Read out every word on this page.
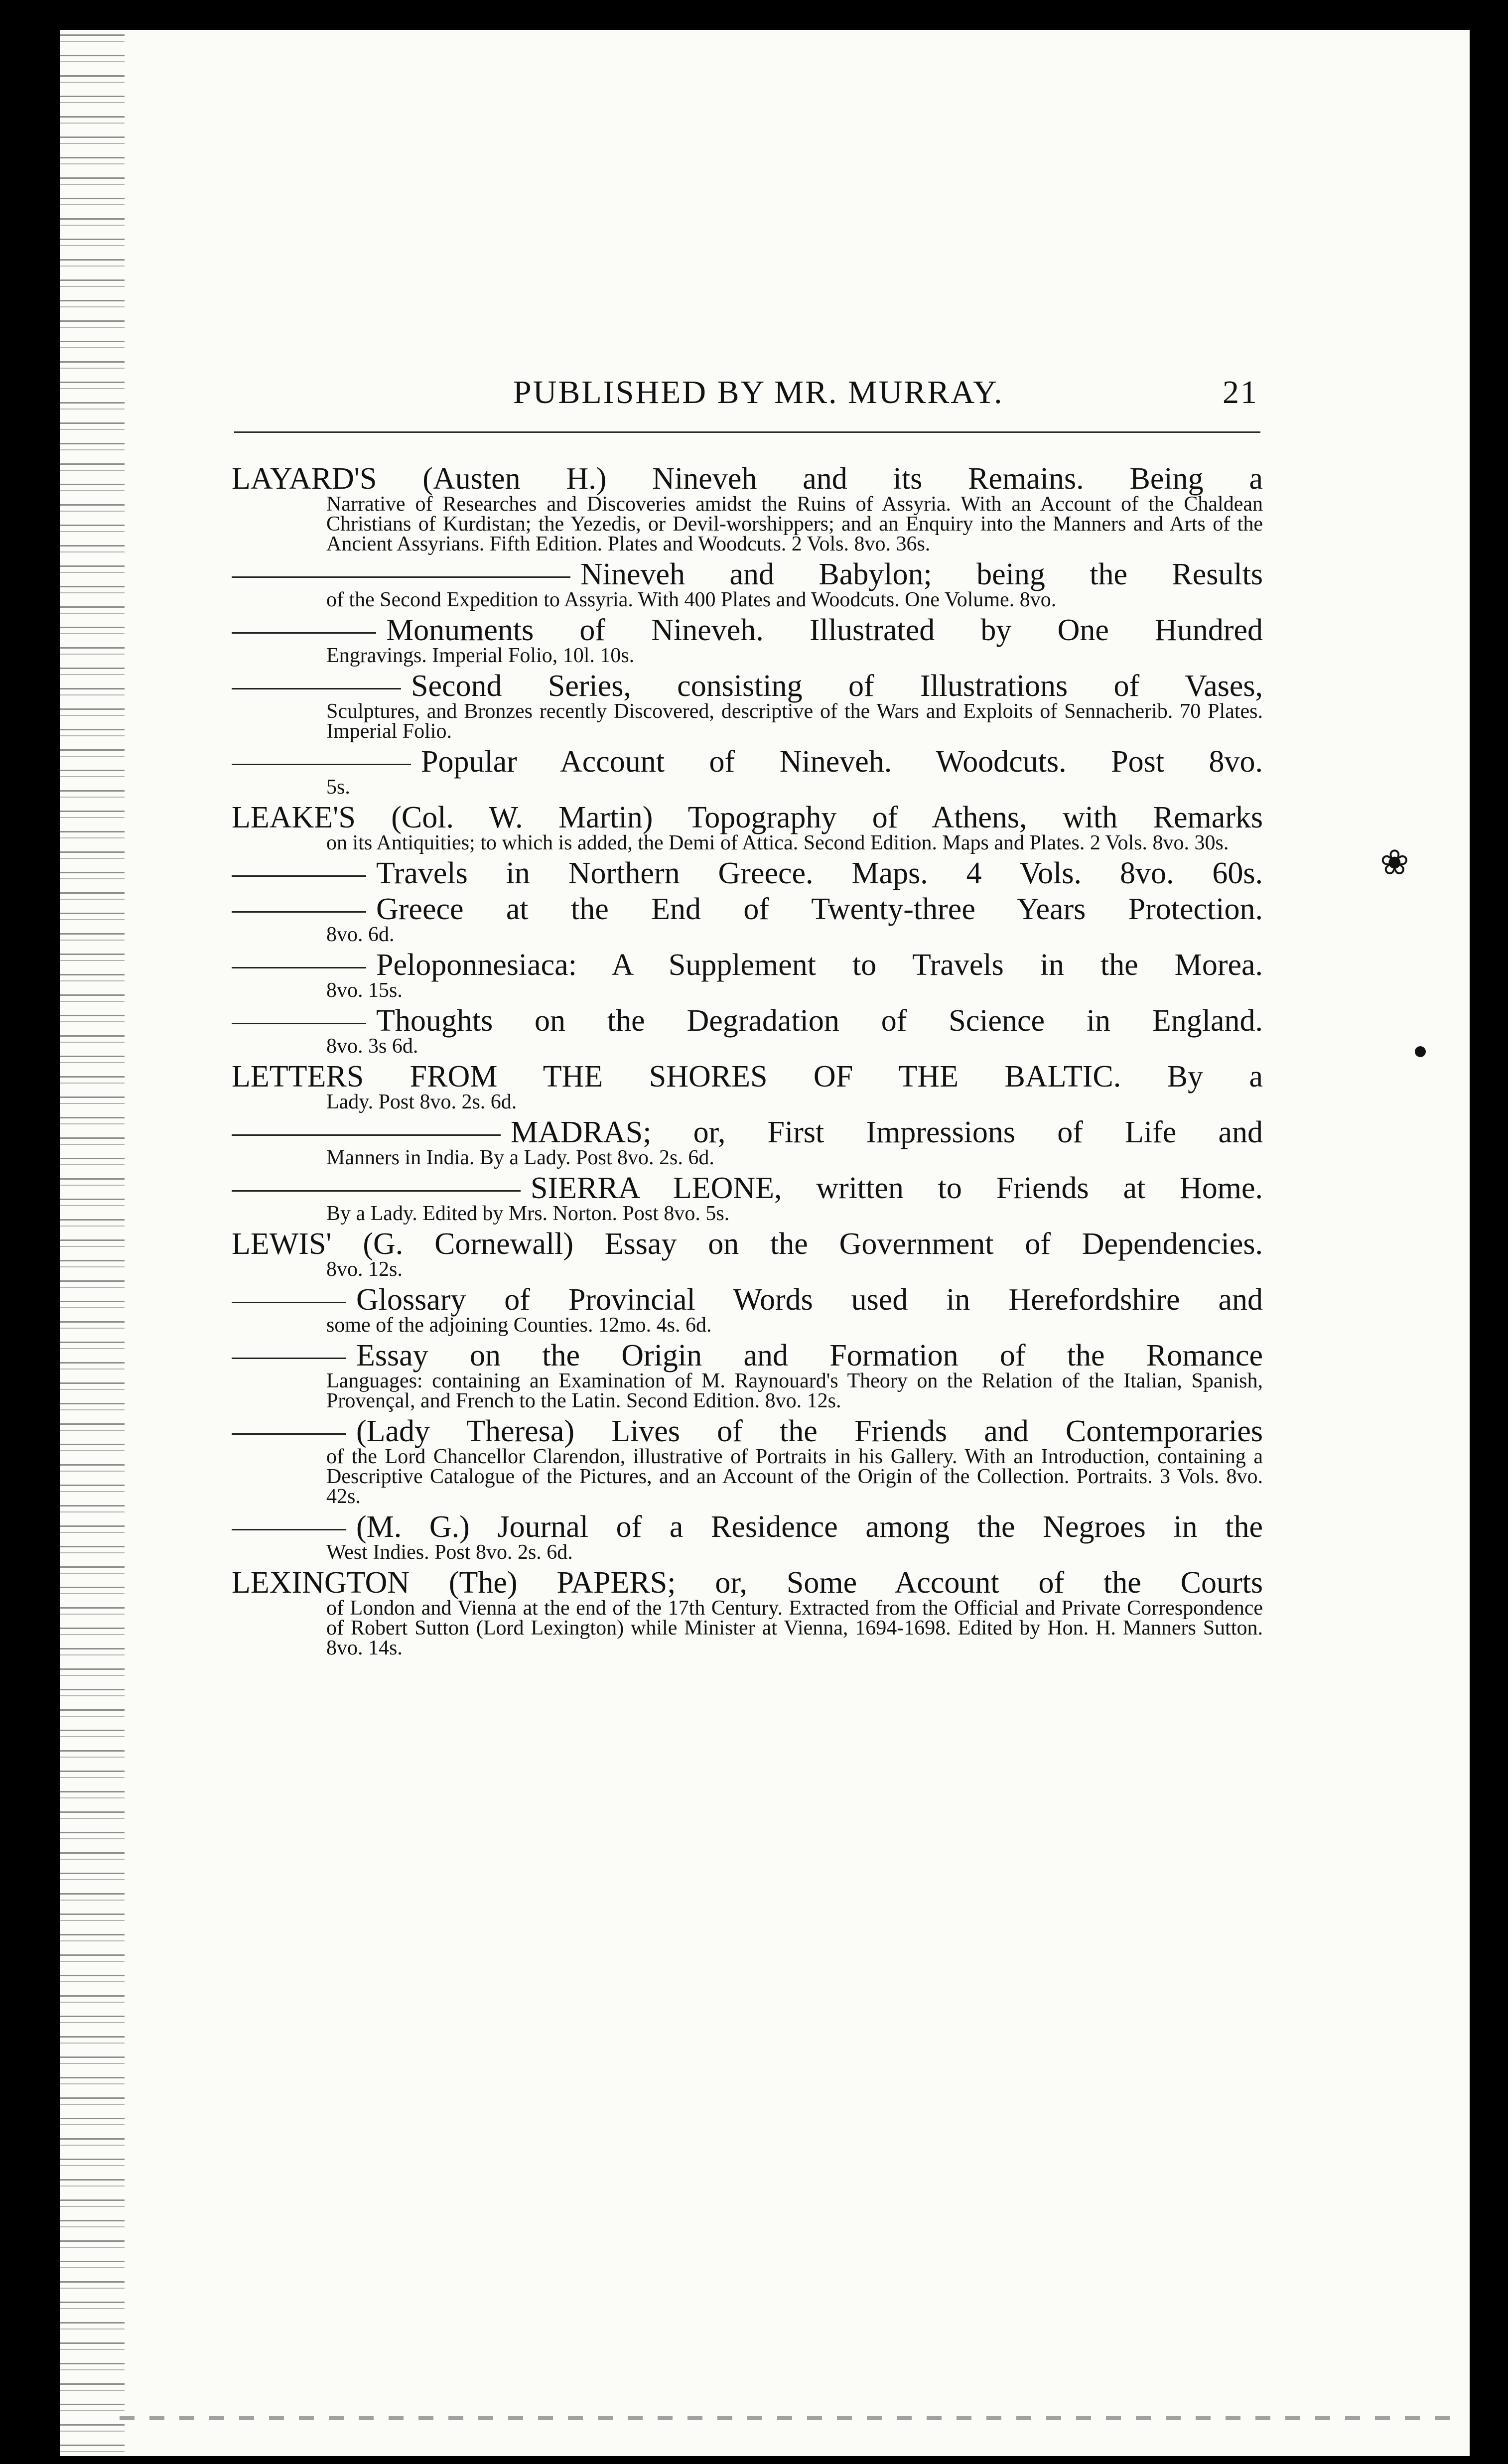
PUBLISHED BY MR. MURRAY.	21
LAYARD'S (Austen H.) Nineveh and its Remains. Being a
Narrative of Researches and Discoveries amidst the Ruins of Assyria. With an Account of the Chaldean Christians of Kurdistan; the Yezedis, or Devil-worshippers; and an Enquiry into the Manners and Arts of the Ancient Assyrians. Fifth Edition. Plates and Woodcuts. 2 Vols. 8vo. 36s.
Nineveh and Babylon; being the Results
of the Second Expedition to Assyria. With 400 Plates and Woodcuts. One Volume. 8vo.
Monuments of Nineveh. Illustrated by One Hundred
Engravings. Imperial Folio, 10l. 10s.
Second Series, consisting of Illustrations of Vases,
Sculptures, and Bronzes recently Discovered, descriptive of the Wars and Exploits of Sennacherib. 70 Plates. Imperial Folio.
Popular Account of Nineveh. Woodcuts. Post 8vo.
5s.
LEAKE'S (Col. W. Martin) Topography of Athens, with Remarks
on its Antiquities; to which is added, the Demi of Attica. Second Edition. Maps and Plates. 2 Vols. 8vo. 30s.
Travels in Northern Greece. Maps. 4 Vols. 8vo. 60s.
Greece at the End of Twenty-three Years Protection.
8vo. 6d.
Peloponnesiaca: A Supplement to Travels in the Morea.
8vo. 15s.
Thoughts on the Degradation of Science in England.
8vo. 3s 6d.
LETTERS FROM THE SHORES OF THE BALTIC. By a
Lady. Post 8vo. 2s. 6d.
MADRAS; or, First Impressions of Life and
Manners in India. By a Lady. Post 8vo. 2s. 6d.
SIERRA LEONE, written to Friends at Home.
By a Lady. Edited by Mrs. Norton. Post 8vo. 5s.
LEWIS' (G. Cornewall) Essay on the Government of Dependencies.
8vo. 12s.
Glossary of Provincial Words used in Herefordshire and
some of the adjoining Counties. 12mo. 4s. 6d.
Essay on the Origin and Formation of the Romance
Languages: containing an Examination of M. Raynouard's Theory on the Relation of the Italian, Spanish, Provençal, and French to the Latin. Second Edition. 8vo. 12s.
(Lady Theresa) Lives of the Friends and Contemporaries
of the Lord Chancellor Clarendon, illustrative of Portraits in his Gallery. With an Introduction, containing a Descriptive Catalogue of the Pictures, and an Account of the Origin of the Collection. Portraits. 3 Vols. 8vo. 42s.
(M. G.) Journal of a Residence among the Negroes in the
West Indies. Post 8vo. 2s. 6d.
LEXINGTON (The) PAPERS; or, Some Account of the Courts
of London and Vienna at the end of the 17th Century. Extracted from the Official and Private Correspondence of Robert Sutton (Lord Lexington) while Minister at Vienna, 1694-1698. Edited by Hon. H. Manners Sutton. 8vo. 14s.
❀
